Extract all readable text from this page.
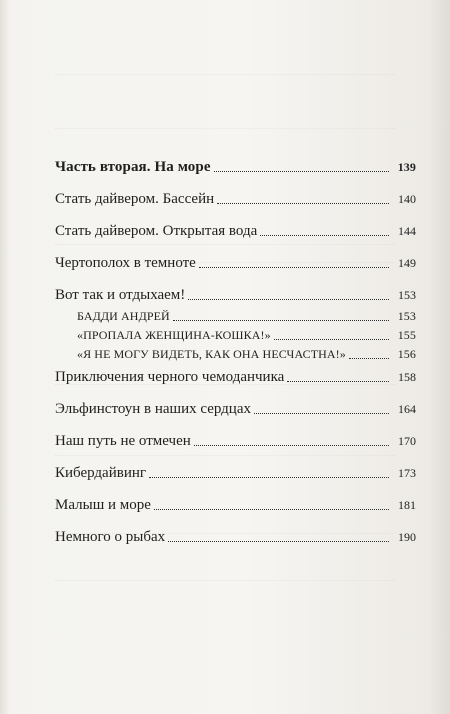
Часть вторая. На море	139
Стать дайвером. Бассейн	140
Стать дайвером. Открытая вода	144
Чертополох в темноте	149
Вот так и отдыхаем!	153
БАДДИ АНДРЕЙ	153
«ПРОПАЛА ЖЕНЩИНА-КОШКА!»	155
«Я НЕ МОГУ ВИДЕТЬ, КАК ОНА НЕСЧАСТНА!»	156
Приключения черного чемоданчика	158
Эльфинстоун в наших сердцах	164
Наш путь не отмечен	170
Кибердайвинг	173
Малыш и море	181
Немного о рыбах	190
